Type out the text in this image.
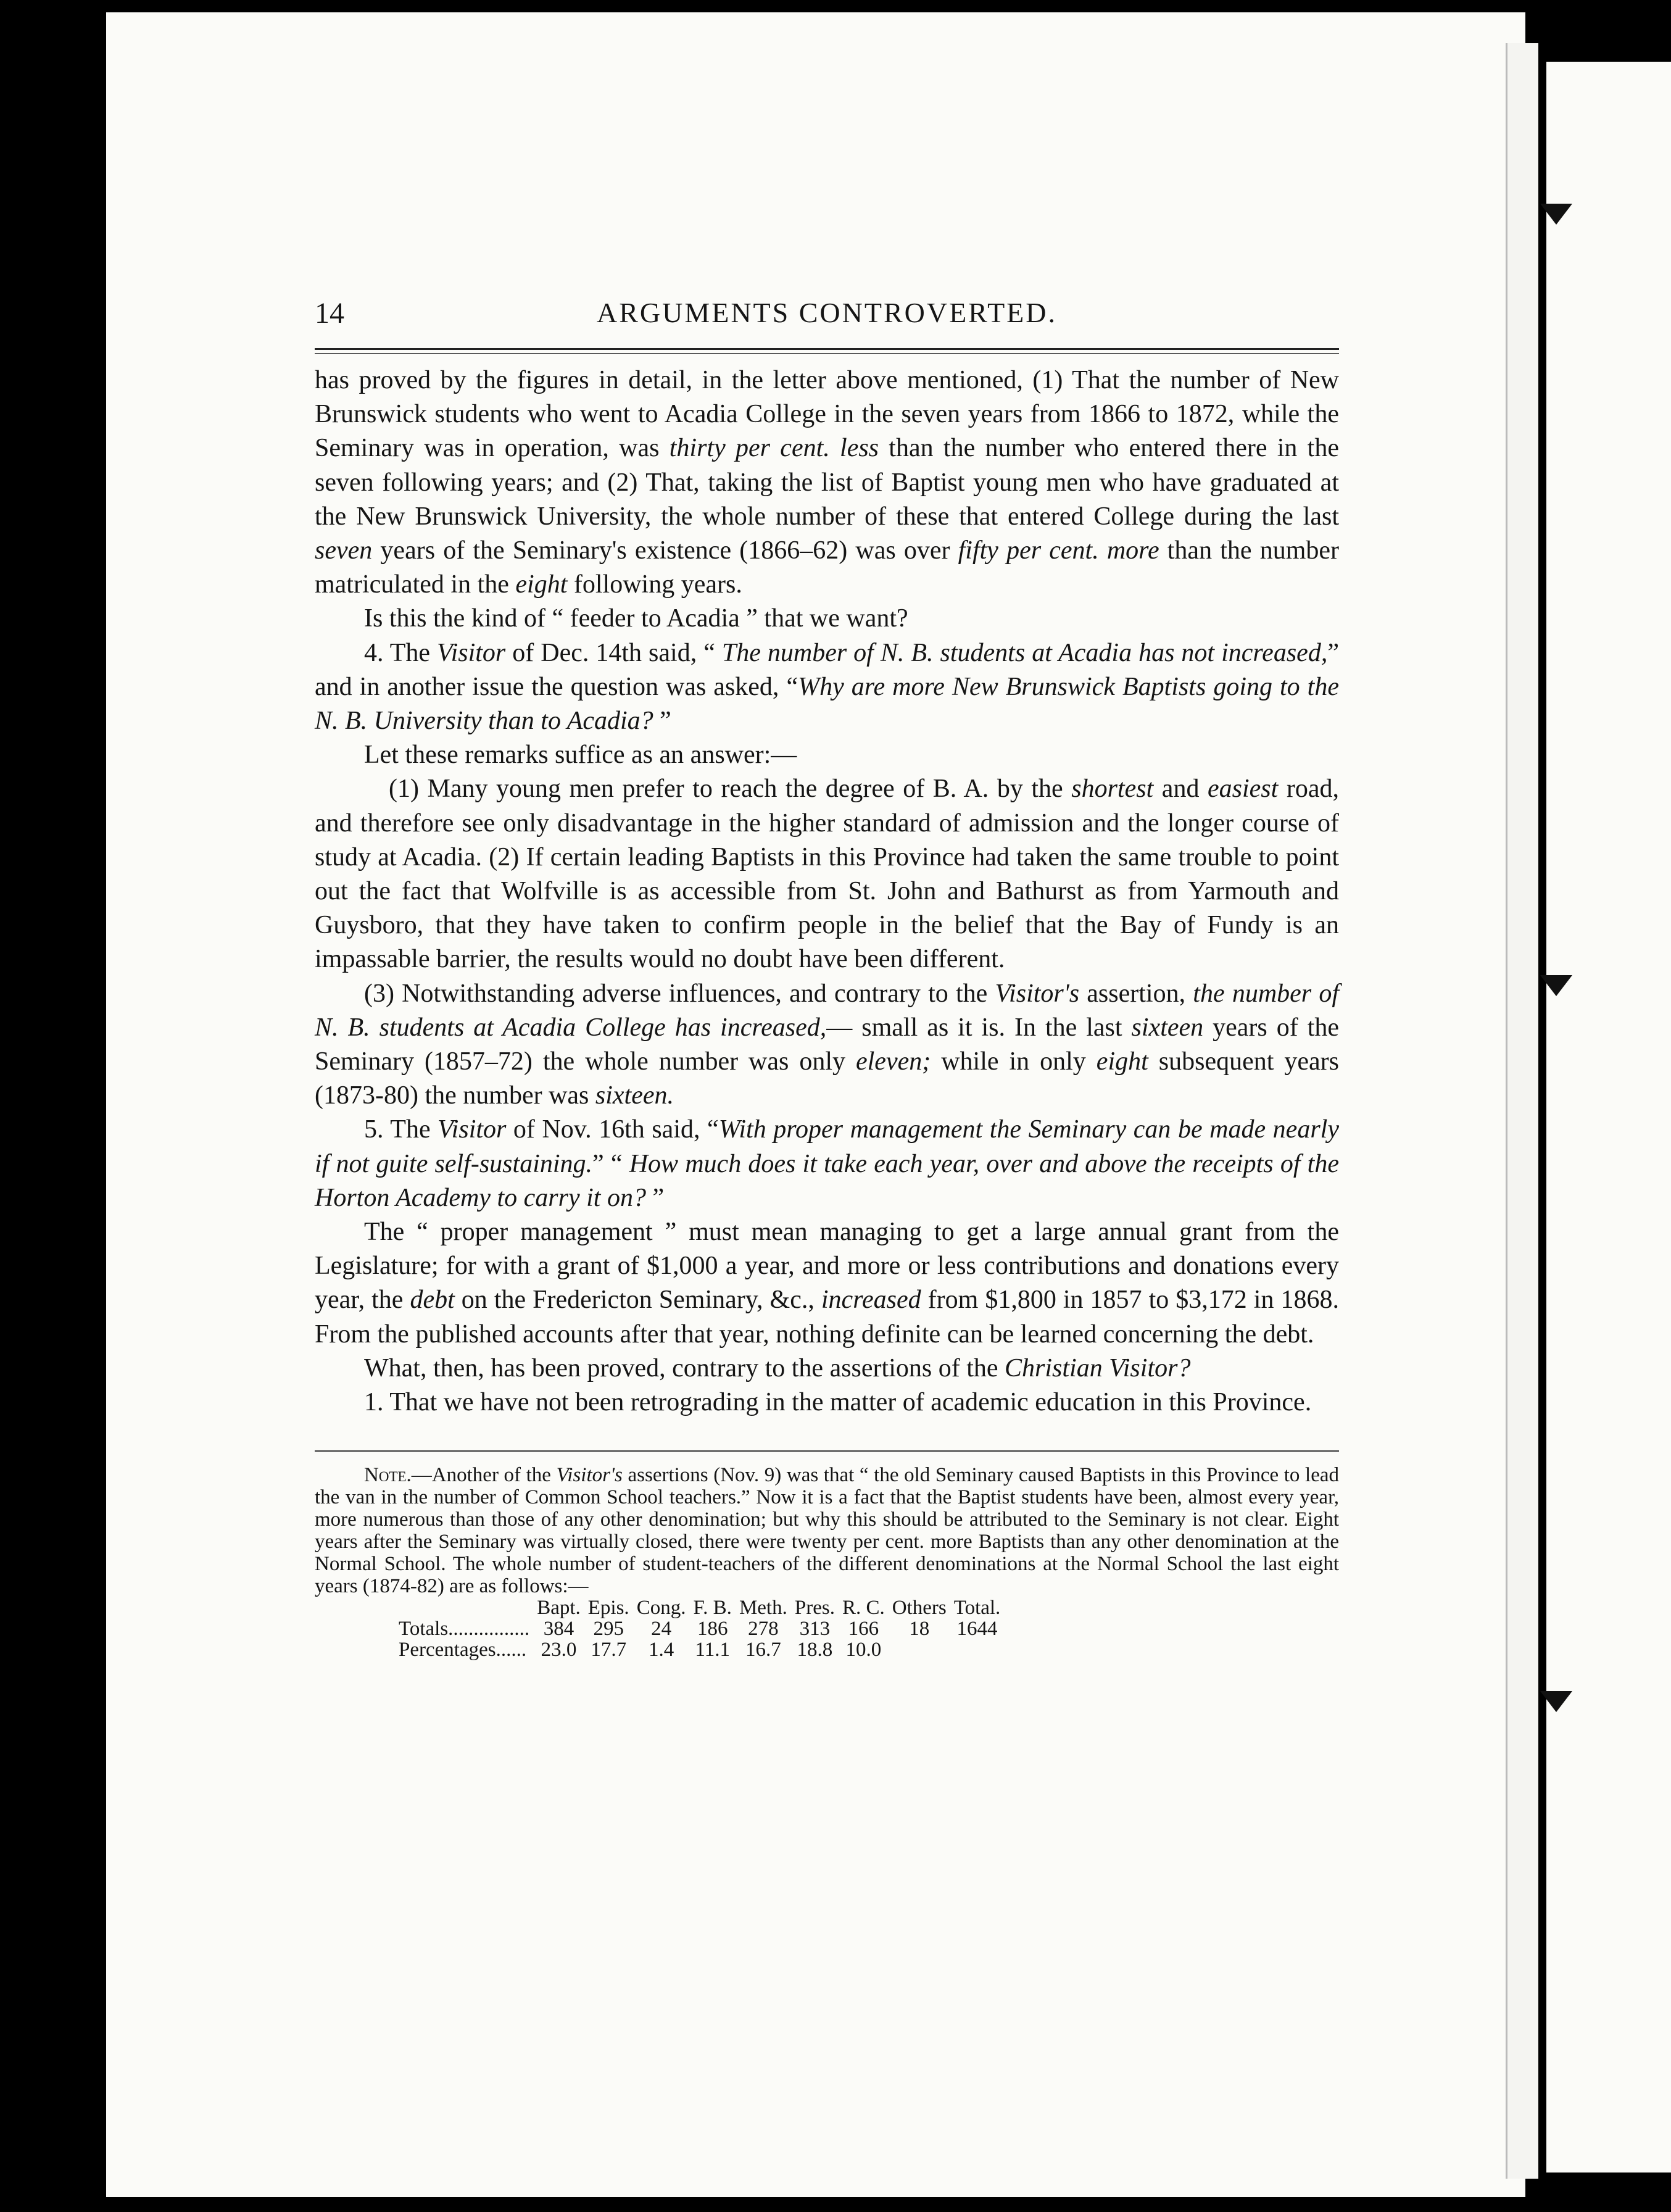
14	ARGUMENTS CONTROVERTED.

has proved by the figures in detail, in the letter above mentioned, (1) That the number of New Brunswick students who went to Acadia College in the seven years from 1866 to 1872, while the Seminary was in operation, was thirty per cent. less than the number who entered there in the seven following years; and (2) That, taking the list of Baptist young men who have graduated at the New Brunswick University, the whole number of these that entered College during the last seven years of the Seminary's existence (1866–62) was over fifty per cent. more than the number matriculated in the eight following years.

Is this the kind of “ feeder to Acadia ” that we want?

4. The Visitor of Dec. 14th said, “ The number of N. B. students at Acadia has not increased,” and in another issue the question was asked, “Why are more New Brunswick Baptists going to the N. B. University than to Acadia? ”

Let these remarks suffice as an answer:—

(1) Many young men prefer to reach the degree of B. A. by the shortest and easiest road, and therefore see only disadvantage in the higher standard of admission and the longer course of study at Acadia. (2) If certain leading Baptists in this Province had taken the same trouble to point out the fact that Wolfville is as accessible from St. John and Bathurst as from Yarmouth and Guysboro, that they have taken to confirm people in the belief that the Bay of Fundy is an impassable barrier, the results would no doubt have been different.

(3) Notwithstanding adverse influences, and contrary to the Visitor's assertion, the number of N. B. students at Acadia College has increased,— small as it is. In the last sixteen years of the Seminary (1857–72) the whole number was only eleven; while in only eight subsequent years (1873-80) the number was sixteen.

5. The Visitor of Nov. 16th said, “With proper management the Seminary can be made nearly if not guite self-sustaining.” “ How much does it take each year, over and above the receipts of the Horton Academy to carry it on? ”

The “ proper management ” must mean managing to get a large annual grant from the Legislature; for with a grant of $1,000 a year, and more or less contributions and donations every year, the debt on the Fredericton Seminary, &c., increased from $1,800 in 1857 to $3,172 in 1868. From the published accounts after that year, nothing definite can be learned concerning the debt.

What, then, has been proved, contrary to the assertions of the Christian Visitor?

1. That we have not been retrograding in the matter of academic education in this Province.

Note.—Another of the Visitor's assertions (Nov. 9) was that “ the old Seminary caused Baptists in this Province to lead the van in the number of Common School teachers.” Now it is a fact that the Baptist students have been, almost every year, more numerous than those of any other denomination; but why this should be attributed to the Seminary is not clear. Eight years after the Seminary was virtually closed, there were twenty per cent. more Baptists than any other denomination at the Normal School. The whole number of student-teachers of the different denominations at the Normal School the last eight years (1874-82) are as follows:—

	Bapt.	Epis.	Cong.	F. B.	Meth.	Pres.	R. C.	Others	Total.
Totals................	384	295	24	186	278	313	166	18	1644
Percentages......	23.0	17.7	1.4	11.1	16.7	18.8	10.0		
